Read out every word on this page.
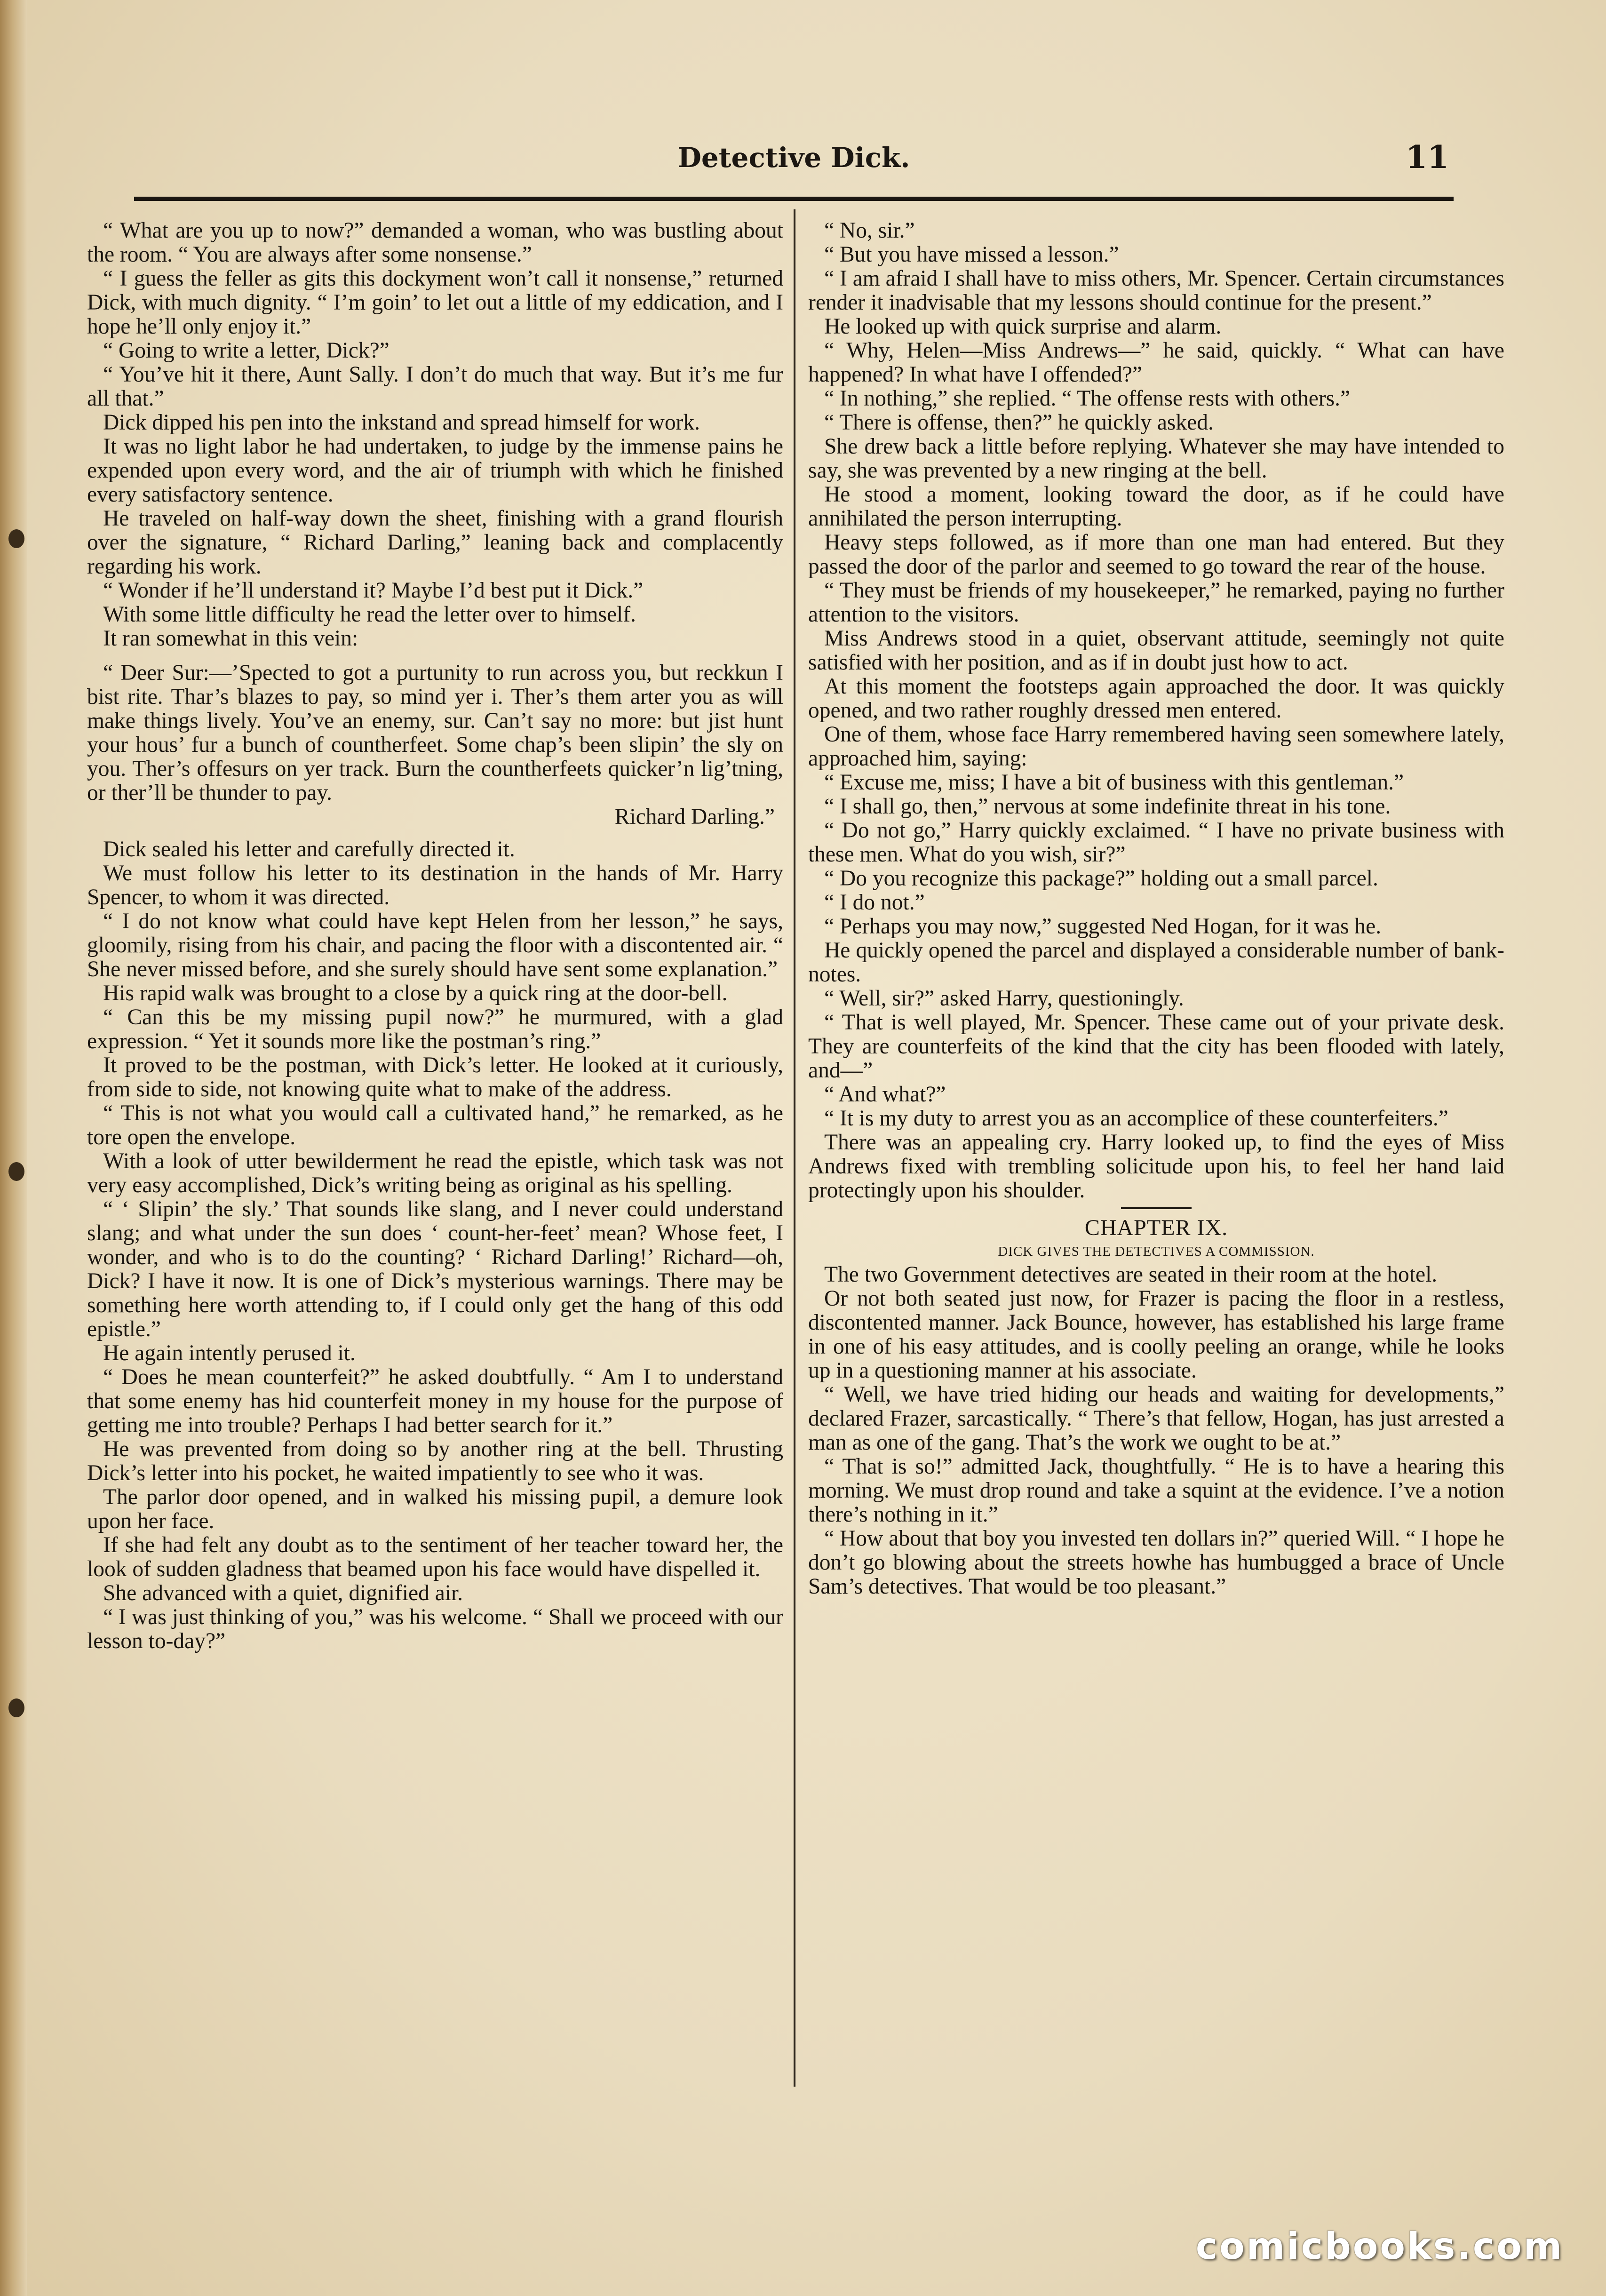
Detective Dick.	11

“ What are you up to now?” demanded a woman, who was bustling about the room. “ You are always after some nonsense.”

“ I guess the feller as gits this dockyment won’t call it nonsense,” returned Dick, with much dignity. “ I’m goin’ to let out a little of my eddication, and I hope he’ll only enjoy it.”

“ Going to write a letter, Dick?”

“ You’ve hit it there, Aunt Sally. I don’t do much that way. But it’s me fur all that.”

Dick dipped his pen into the inkstand and spread himself for work.

It was no light labor he had undertaken, to judge by the immense pains he expended upon every word, and the air of triumph with which he finished every satisfactory sentence.

He traveled on half-way down the sheet, finishing with a grand flourish over the signature, “ Richard Darling,” leaning back and complacently regarding his work.

“ Wonder if he’ll understand it? Maybe I’d best put it Dick.”

With some little difficulty he read the letter over to himself.

It ran somewhat in this vein:

“ Deer Sur:—’Spected to got a purtunity to run across you, but reckkun I bist rite. Thar’s blazes to pay, so mind yer i. Ther’s them arter you as will make things lively. You’ve an enemy, sur. Can’t say no more: but jist hunt your hous’ fur a bunch of countherfeet. Some chap’s been slipin’ the sly on you. Ther’s offesurs on yer track. Burn the countherfeets quicker’n lig’tning, or ther’ll be thunder to pay.

Richard Darling.”

Dick sealed his letter and carefully directed it.

We must follow his letter to its destination in the hands of Mr. Harry Spencer, to whom it was directed.

“ I do not know what could have kept Helen from her lesson,” he says, gloomily, rising from his chair, and pacing the floor with a discontented air. “ She never missed before, and she surely should have sent some explanation.”

His rapid walk was brought to a close by a quick ring at the door-bell.

“ Can this be my missing pupil now?” he murmured, with a glad expression. “ Yet it sounds more like the postman’s ring.”

It proved to be the postman, with Dick’s letter. He looked at it curiously, from side to side, not knowing quite what to make of the address.

“ This is not what you would call a cultivated hand,” he remarked, as he tore open the envelope.

With a look of utter bewilderment he read the epistle, which task was not very easy accomplished, Dick’s writing being as original as his spelling.

“ ‘ Slipin’ the sly.’ That sounds like slang, and I never could understand slang; and what under the sun does ‘ count-her-feet’ mean? Whose feet, I wonder, and who is to do the counting? ‘ Richard Darling!’ Richard—oh, Dick? I have it now. It is one of Dick’s mysterious warnings. There may be something here worth attending to, if I could only get the hang of this odd epistle.”

He again intently perused it.

“ Does he mean counterfeit?” he asked doubtfully. “ Am I to understand that some enemy has hid counterfeit money in my house for the purpose of getting me into trouble? Perhaps I had better search for it.”

He was prevented from doing so by another ring at the bell. Thrusting Dick’s letter into his pocket, he waited impatiently to see who it was.

The parlor door opened, and in walked his missing pupil, a demure look upon her face.

If she had felt any doubt as to the sentiment of her teacher toward her, the look of sudden gladness that beamed upon his face would have dispelled it.

She advanced with a quiet, dignified air.

“ I was just thinking of you,” was his welcome. “ Shall we proceed with our lesson to-day?”

“ No, sir.”

“ But you have missed a lesson.”

“ I am afraid I shall have to miss others, Mr. Spencer. Certain circumstances render it inadvisable that my lessons should continue for the present.”

He looked up with quick surprise and alarm.

“ Why, Helen—Miss Andrews—” he said, quickly. “ What can have happened? In what have I offended?”

“ In nothing,” she replied. “ The offense rests with others.”

“ There is offense, then?” he quickly asked.

She drew back a little before replying. Whatever she may have intended to say, she was prevented by a new ringing at the bell.

He stood a moment, looking toward the door, as if he could have annihilated the person interrupting.

Heavy steps followed, as if more than one man had entered. But they passed the door of the parlor and seemed to go toward the rear of the house.

“ They must be friends of my housekeeper,” he remarked, paying no further attention to the visitors.

Miss Andrews stood in a quiet, observant attitude, seemingly not quite satisfied with her position, and as if in doubt just how to act.

At this moment the footsteps again approached the door. It was quickly opened, and two rather roughly dressed men entered.

One of them, whose face Harry remembered having seen somewhere lately, approached him, saying:

“ Excuse me, miss; I have a bit of business with this gentleman.”

“ I shall go, then,” nervous at some indefinite threat in his tone.

“ Do not go,” Harry quickly exclaimed. “ I have no private business with these men. What do you wish, sir?”

“ Do you recognize this package?” holding out a small parcel.

“ I do not.”

“ Perhaps you may now,” suggested Ned Hogan, for it was he.

He quickly opened the parcel and displayed a considerable number of bank-notes.

“ Well, sir?” asked Harry, questioningly.

“ That is well played, Mr. Spencer. These came out of your private desk. They are counterfeits of the kind that the city has been flooded with lately, and—”

“ And what?”

“ It is my duty to arrest you as an accomplice of these counterfeiters.”

There was an appealing cry. Harry looked up, to find the eyes of Miss Andrews fixed with trembling solicitude upon his, to feel her hand laid protectingly upon his shoulder.

CHAPTER IX.

DICK GIVES THE DETECTIVES A COMMISSION.

The two Government detectives are seated in their room at the hotel.

Or not both seated just now, for Frazer is pacing the floor in a restless, discontented manner. Jack Bounce, however, has established his large frame in one of his easy attitudes, and is coolly peeling an orange, while he looks up in a questioning manner at his associate.

“ Well, we have tried hiding our heads and waiting for developments,” declared Frazer, sarcastically. “ There’s that fellow, Hogan, has just arrested a man as one of the gang. That’s the work we ought to be at.”

“ That is so!” admitted Jack, thoughtfully. “ He is to have a hearing this morning. We must drop round and take a squint at the evidence. I’ve a notion there’s nothing in it.”

“ How about that boy you invested ten dollars in?” queried Will. “ I hope he don’t go blowing about the streets howhe has humbugged a brace of Uncle Sam’s detectives. That would be too pleasant.”

comicbooks.com
